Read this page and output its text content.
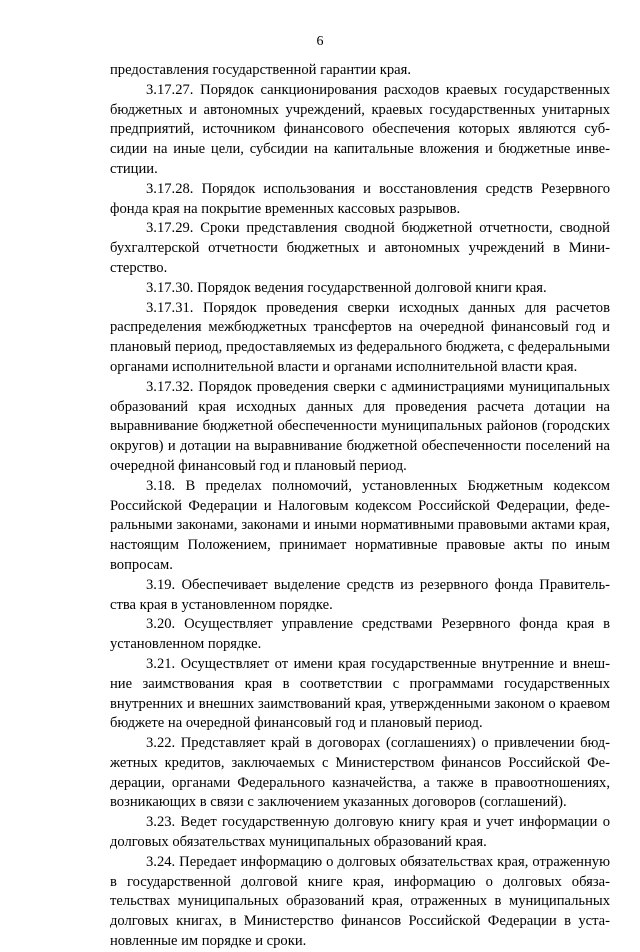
6

предоставления государственной гарантии края.

3.17.27. Порядок санкционирования расходов краевых государственных бюджетных и автономных учреждений, краевых государственных унитарных предприятий, источником финансового обеспечения которых являются субсидии на иные цели, субсидии на капитальные вложения и бюджетные инвестиции.

3.17.28. Порядок использования и восстановления средств Резервного фонда края на покрытие временных кассовых разрывов.

3.17.29. Сроки представления сводной бюджетной отчетности, сводной бухгалтерской отчетности бюджетных и автономных учреждений в Министерство.

3.17.30. Порядок ведения государственной долговой книги края.

3.17.31. Порядок проведения сверки исходных данных для расчетов распределения межбюджетных трансфертов на очередной финансовый год и плановый период, предоставляемых из федерального бюджета, с федеральными органами исполнительной власти и органами исполнительной власти края.

3.17.32. Порядок проведения сверки с администрациями муниципальных образований края исходных данных для проведения расчета дотации на выравнивание бюджетной обеспеченности муниципальных районов (городских округов) и дотации на выравнивание бюджетной обеспеченности поселений на очередной финансовый год и плановый период.

3.18. В пределах полномочий, установленных Бюджетным кодексом Российской Федерации и Налоговым кодексом Российской Федерации, федеральными законами, законами и иными нормативными правовыми актами края, настоящим Положением, принимает нормативные правовые акты по иным вопросам.

3.19. Обеспечивает выделение средств из резервного фонда Правительства края в установленном порядке.

3.20. Осуществляет управление средствами Резервного фонда края в установленном порядке.

3.21. Осуществляет от имени края государственные внутренние и внешние заимствования края в соответствии с программами государственных внутренних и внешних заимствований края, утвержденными законом о краевом бюджете на очередной финансовый год и плановый период.

3.22. Представляет край в договорах (соглашениях) о привлечении бюджетных кредитов, заключаемых с Министерством финансов Российской Федерации, органами Федерального казначейства, а также в правоотношениях, возникающих в связи с заключением указанных договоров (соглашений).

3.23. Ведет государственную долговую книгу края и учет информации о долговых обязательствах муниципальных образований края.

3.24. Передает информацию о долговых обязательствах края, отраженную в государственной долговой книге края, информацию о долговых обязательствах муниципальных образований края, отраженных в муниципальных долговых книгах, в Министерство финансов Российской Федерации в установленные им порядке и сроки.
